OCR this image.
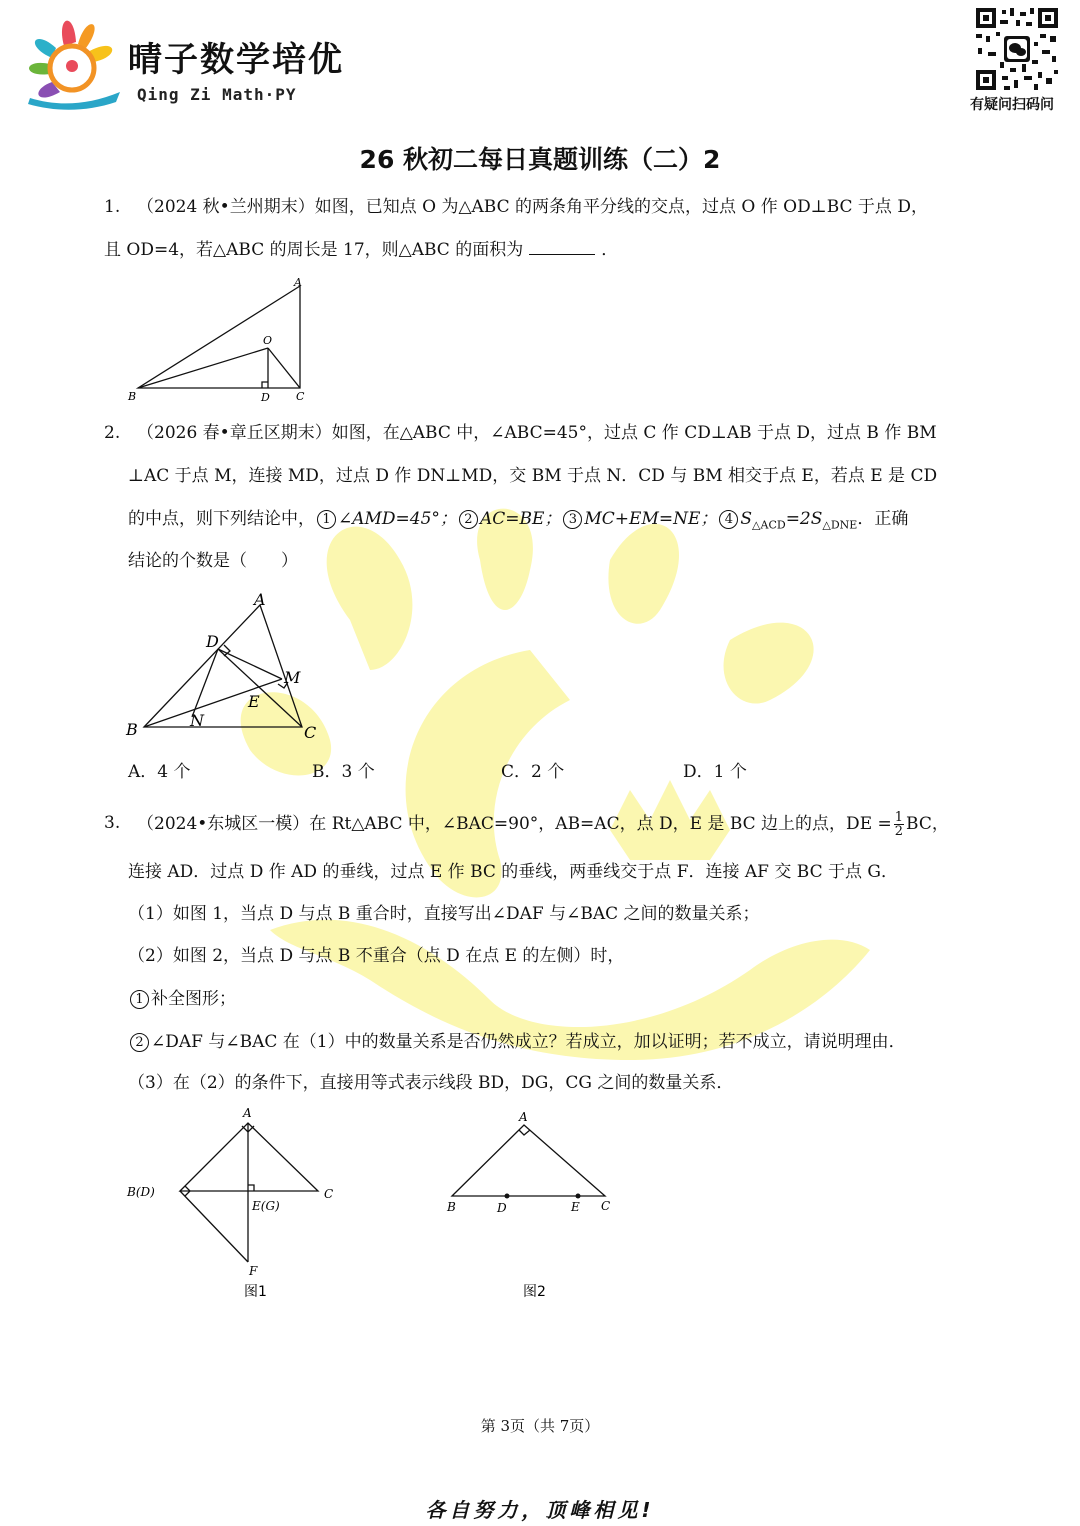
晴子数学培优
Qing Zi Math·PY
有疑问扫码问
26 秋初二每日真题训练（二）2
1. （2024 秋•兰州期末）如图，已知点 O 为△ABC 的两条角平分线的交点，过点 O 作 OD⊥BC 于点 D，
且 OD=4，若△ABC 的周长是 17，则△ABC 的面积为	．
A
O
B	D C
2. （2026 春•章丘区期末）如图，在△ABC 中，∠ABC=45°，过点 C 作 CD⊥AB 于点 D，过点 B 作 BM
⊥AC 于点 M，连接 MD，过点 D 作 DN⊥MD，交 BM 于点 N．CD 与 BM 相交于点 E，若点 E 是 CD
的中点，则下列结论中， 1 ∠AMD=45°； 2 AC=BE； 3 MC+EM=NE； 4 $S_{\triangle ACD}=2S_{\triangle DNE}$．正确
结论的个数是（　　）
A
D
M
E
N
B	C
A．4 个	B．3 个	C．2 个	D．1 个
3. （2024•东城区一模）在 Rt△ABC 中，∠BAC=90°，AB=AC，点 D，E 是 BC 边上的点，DE = $\frac{1}{2}$ BC，
连接 AD．过点 D 作 AD 的垂线，过点 E 作 BC 的垂线，两垂线交于点 F．连接 AF 交 BC 于点 G．
（1）如图 1，当点 D 与点 B 重合时，直接写出∠DAF 与∠BAC 之间的数量关系；
（2）如图 2，当点 D 与点 B 不重合（点 D 在点 E 的左侧）时，
1 补全图形；
2 ∠DAF 与∠BAC 在（1）中的数量关系是否仍然成立？若成立，加以证明；若不成立，请说明理由．
（3）在（2）的条件下，直接用等式表示线段 BD，DG，CG 之间的数量关系．
A
B(D)	C
E(G)
F
图1
A
B	D	E C
图2
第 3页（共 7页）
各自努力，顶峰相见!
